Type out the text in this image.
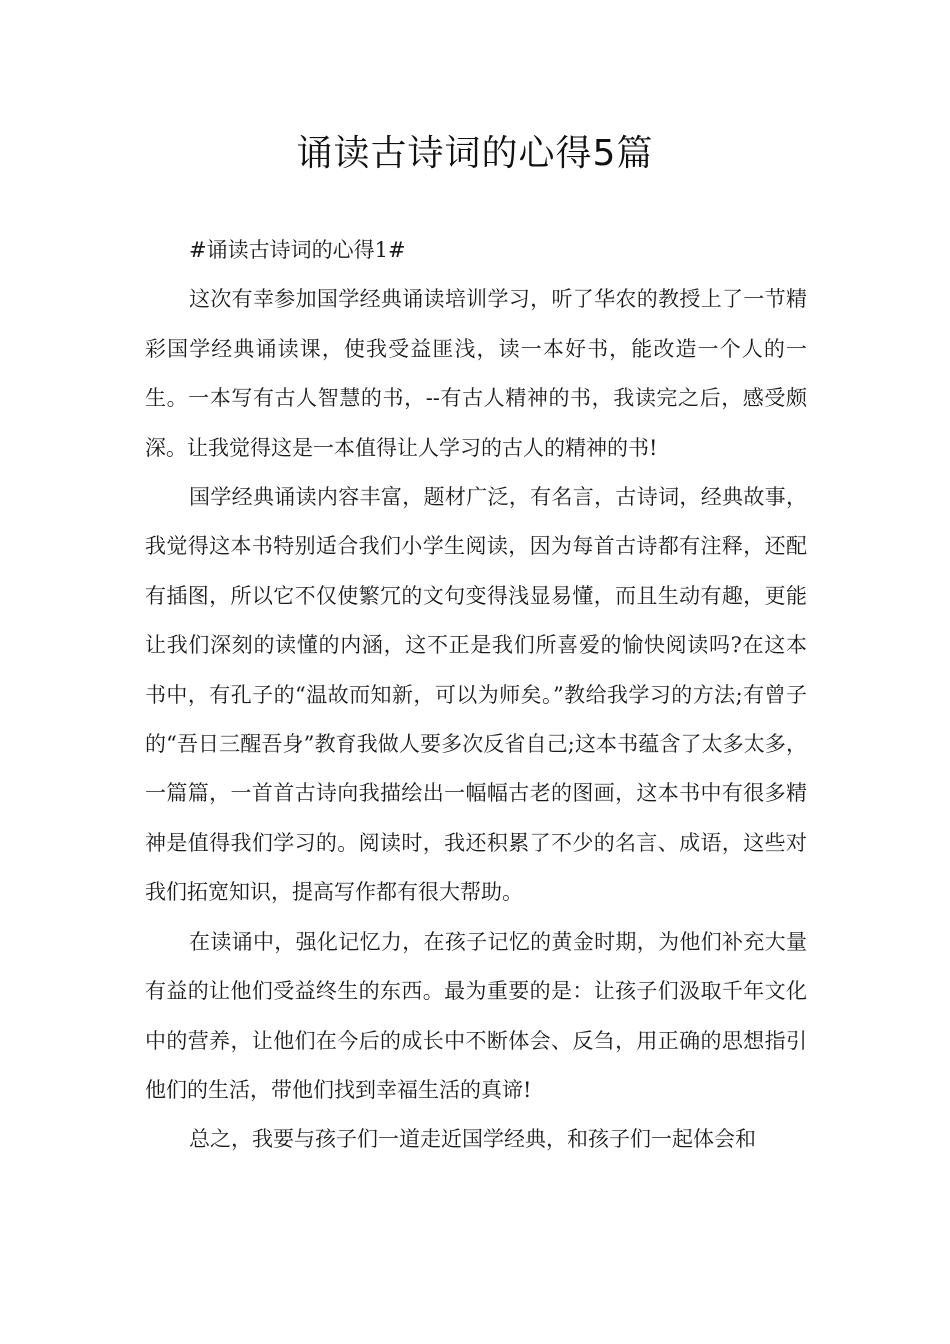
诵读古诗词的心得5篇
#诵读古诗词的心得1#

这次有幸参加国学经典诵读培训学习，听了华农的教授上了一节精彩国学经典诵读课，使我受益匪浅，读一本好书，能改造一个人的一生。一本写有古人智慧的书，--有古人精神的书，我读完之后，感受颇深。让我觉得这是一本值得让人学习的古人的精神的书!

国学经典诵读内容丰富，题材广泛，有名言，古诗词，经典故事，我觉得这本书特别适合我们小学生阅读，因为每首古诗都有注释，还配有插图，所以它不仅使繁冗的文句变得浅显易懂，而且生动有趣，更能让我们深刻的读懂的内涵，这不正是我们所喜爱的愉快阅读吗?在这本书中，有孔子的“温故而知新，可以为师矣。”教给我学习的方法;有曾子的“吾日三醒吾身”教育我做人要多次反省自己;这本书蕴含了太多太多，一篇篇，一首首古诗向我描绘出一幅幅古老的图画，这本书中有很多精神是值得我们学习的。阅读时，我还积累了不少的名言、成语，这些对我们拓宽知识，提高写作都有很大帮助。

在读诵中，强化记忆力，在孩子记忆的黄金时期，为他们补充大量有益的让他们受益终生的东西。最为重要的是：让孩子们汲取千年文化中的营养，让他们在今后的成长中不断体会、反刍，用正确的思想指引他们的生活，带他们找到幸福生活的真谛!

总之，我要与孩子们一道走近国学经典，和孩子们一起体会和
